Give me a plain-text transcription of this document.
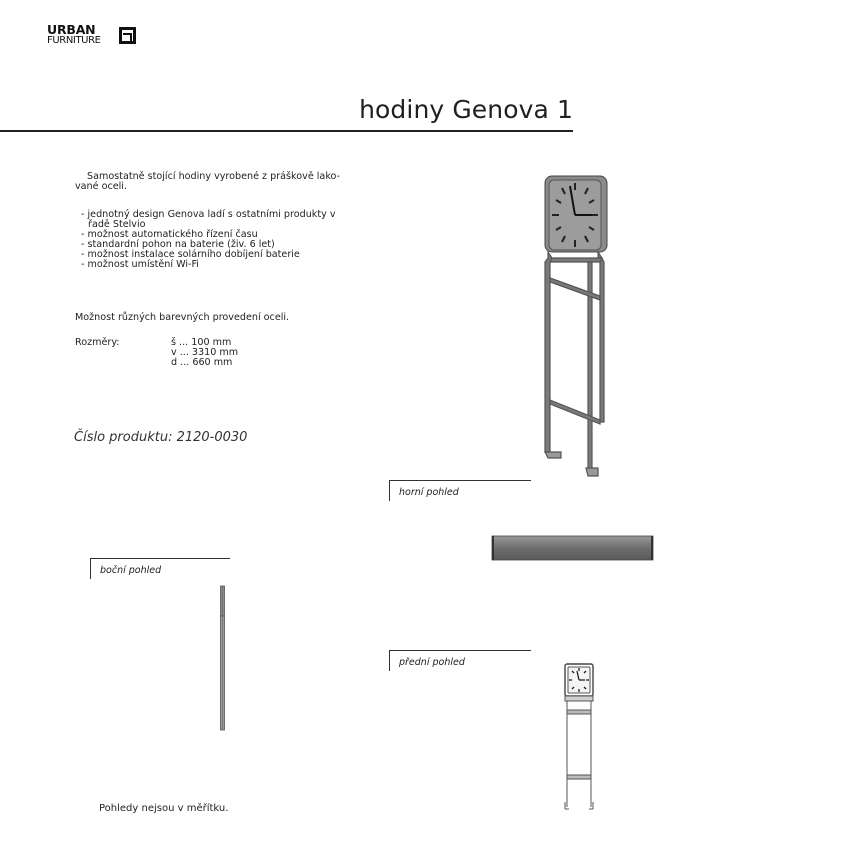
URBAN
FURNITURE
hodiny Genova 1
Samostatně stojící hodiny vyrobené z práškově lako-vané oceli.
- jednotný design Genova ladí s ostatními produkty v řadě Stelvio
- možnost automatického řízení času
- standardní pohon na baterie (živ. 6 let)
- možnost instalace solárního dobíjení baterie
- možnost umístění Wi-Fi
Možnost různých barevných provedení oceli.
Rozměry:	š ... 100 mm
v ... 3310 mm
d ... 660 mm
Číslo produktu: 2120-0030
Pohledy nejsou v měřítku.
horní pohled
boční pohled
přední pohled
